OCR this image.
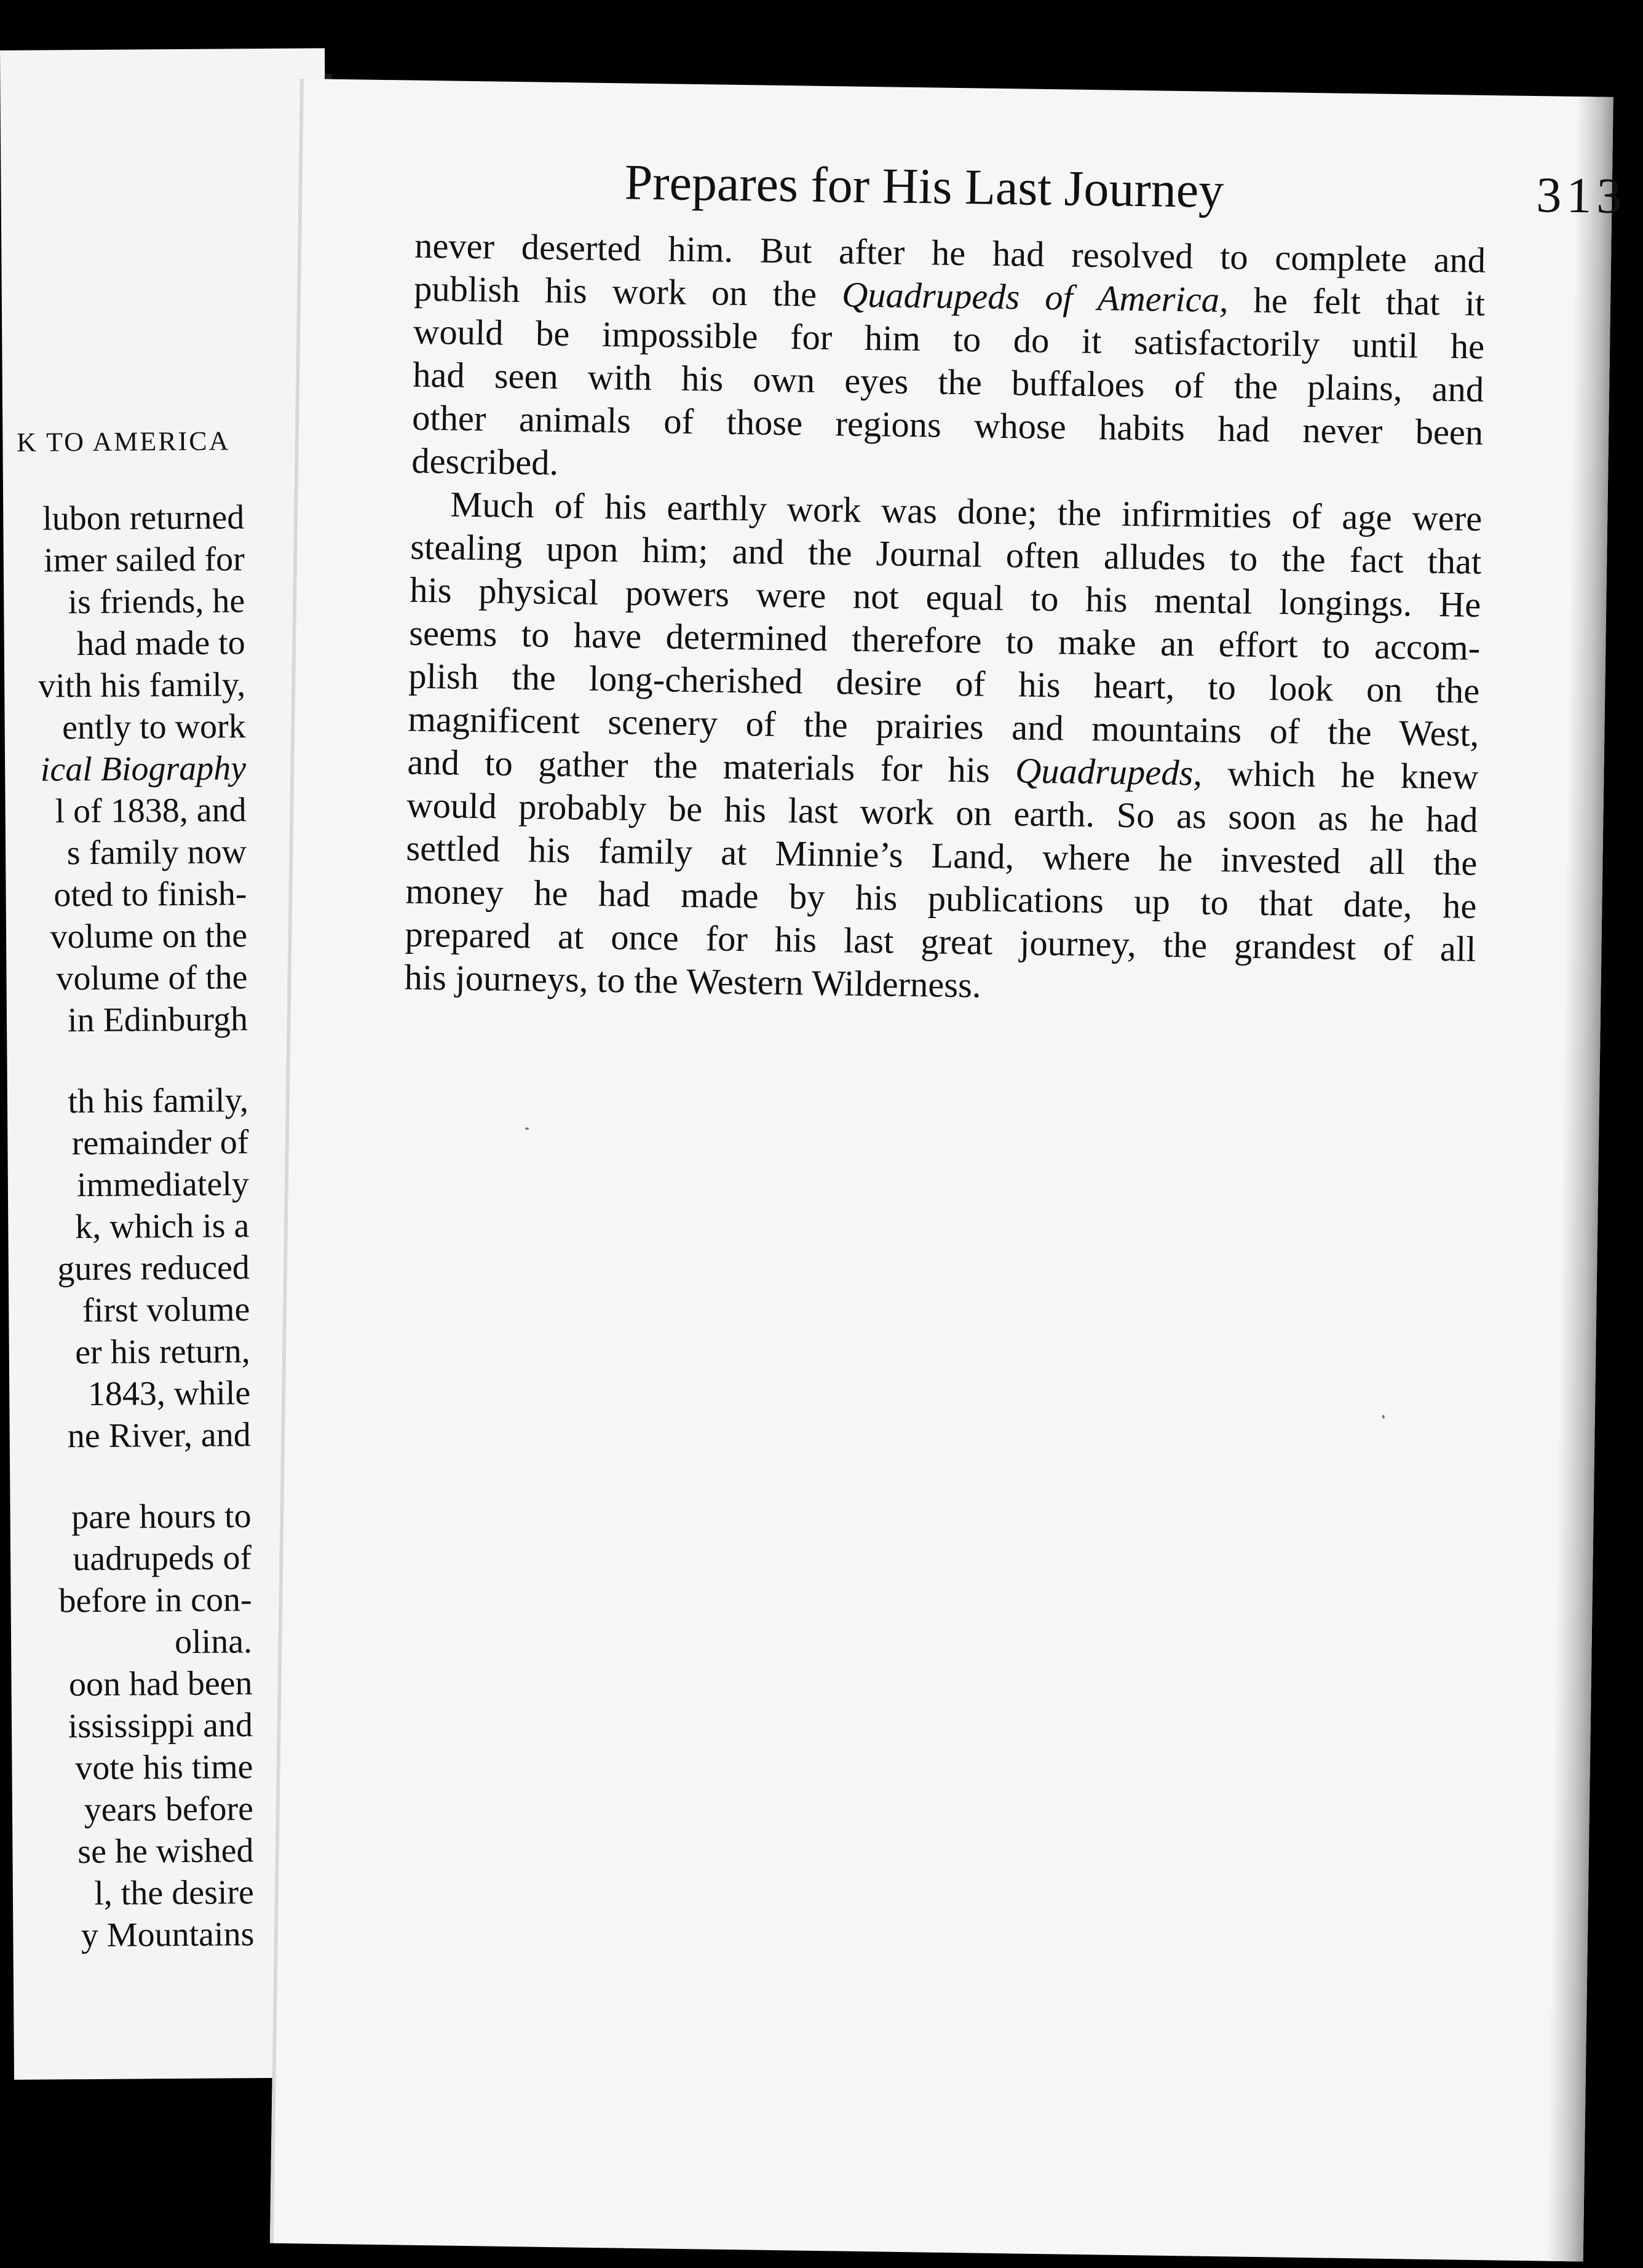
K TO AMERICA
lubon returned
imer sailed for
is friends, he
had made to
vith his family,
ently to work
ical Biography
l of 1838, and
s family now
oted to finish-
volume on the
volume of the
in Edinburgh
th his family,
remainder of
immediately
k, which is a
gures reduced
first volume
er his return,
1843, while
ne River, and
pare hours to
uadrupeds of
before in con-
olina.
oon had been
ississippi and
vote his time
years before
se he wished
l, the desire
y Mountains
Prepares for His Last Journey	313
never deserted him. But after he had resolved to complete and
publish his work on the Quadrupeds of America, he felt that it
would be impossible for him to do it satisfactorily until he
had seen with his own eyes the buffaloes of the plains, and
other animals of those regions whose habits had never been
described.
Much of his earthly work was done; the infirmities of age were
stealing upon him; and the Journal often alludes to the fact that
his physical powers were not equal to his mental longings. He
seems to have determined therefore to make an effort to accom-
plish the long-cherished desire of his heart, to look on the
magnificent scenery of the prairies and mountains of the West,
and to gather the materials for his Quadrupeds, which he knew
would probably be his last work on earth. So as soon as he had
settled his family at Minnie’s Land, where he invested all the
money he had made by his publications up to that date, he
prepared at once for his last great journey, the grandest of all
his journeys, to the Western Wilderness.
